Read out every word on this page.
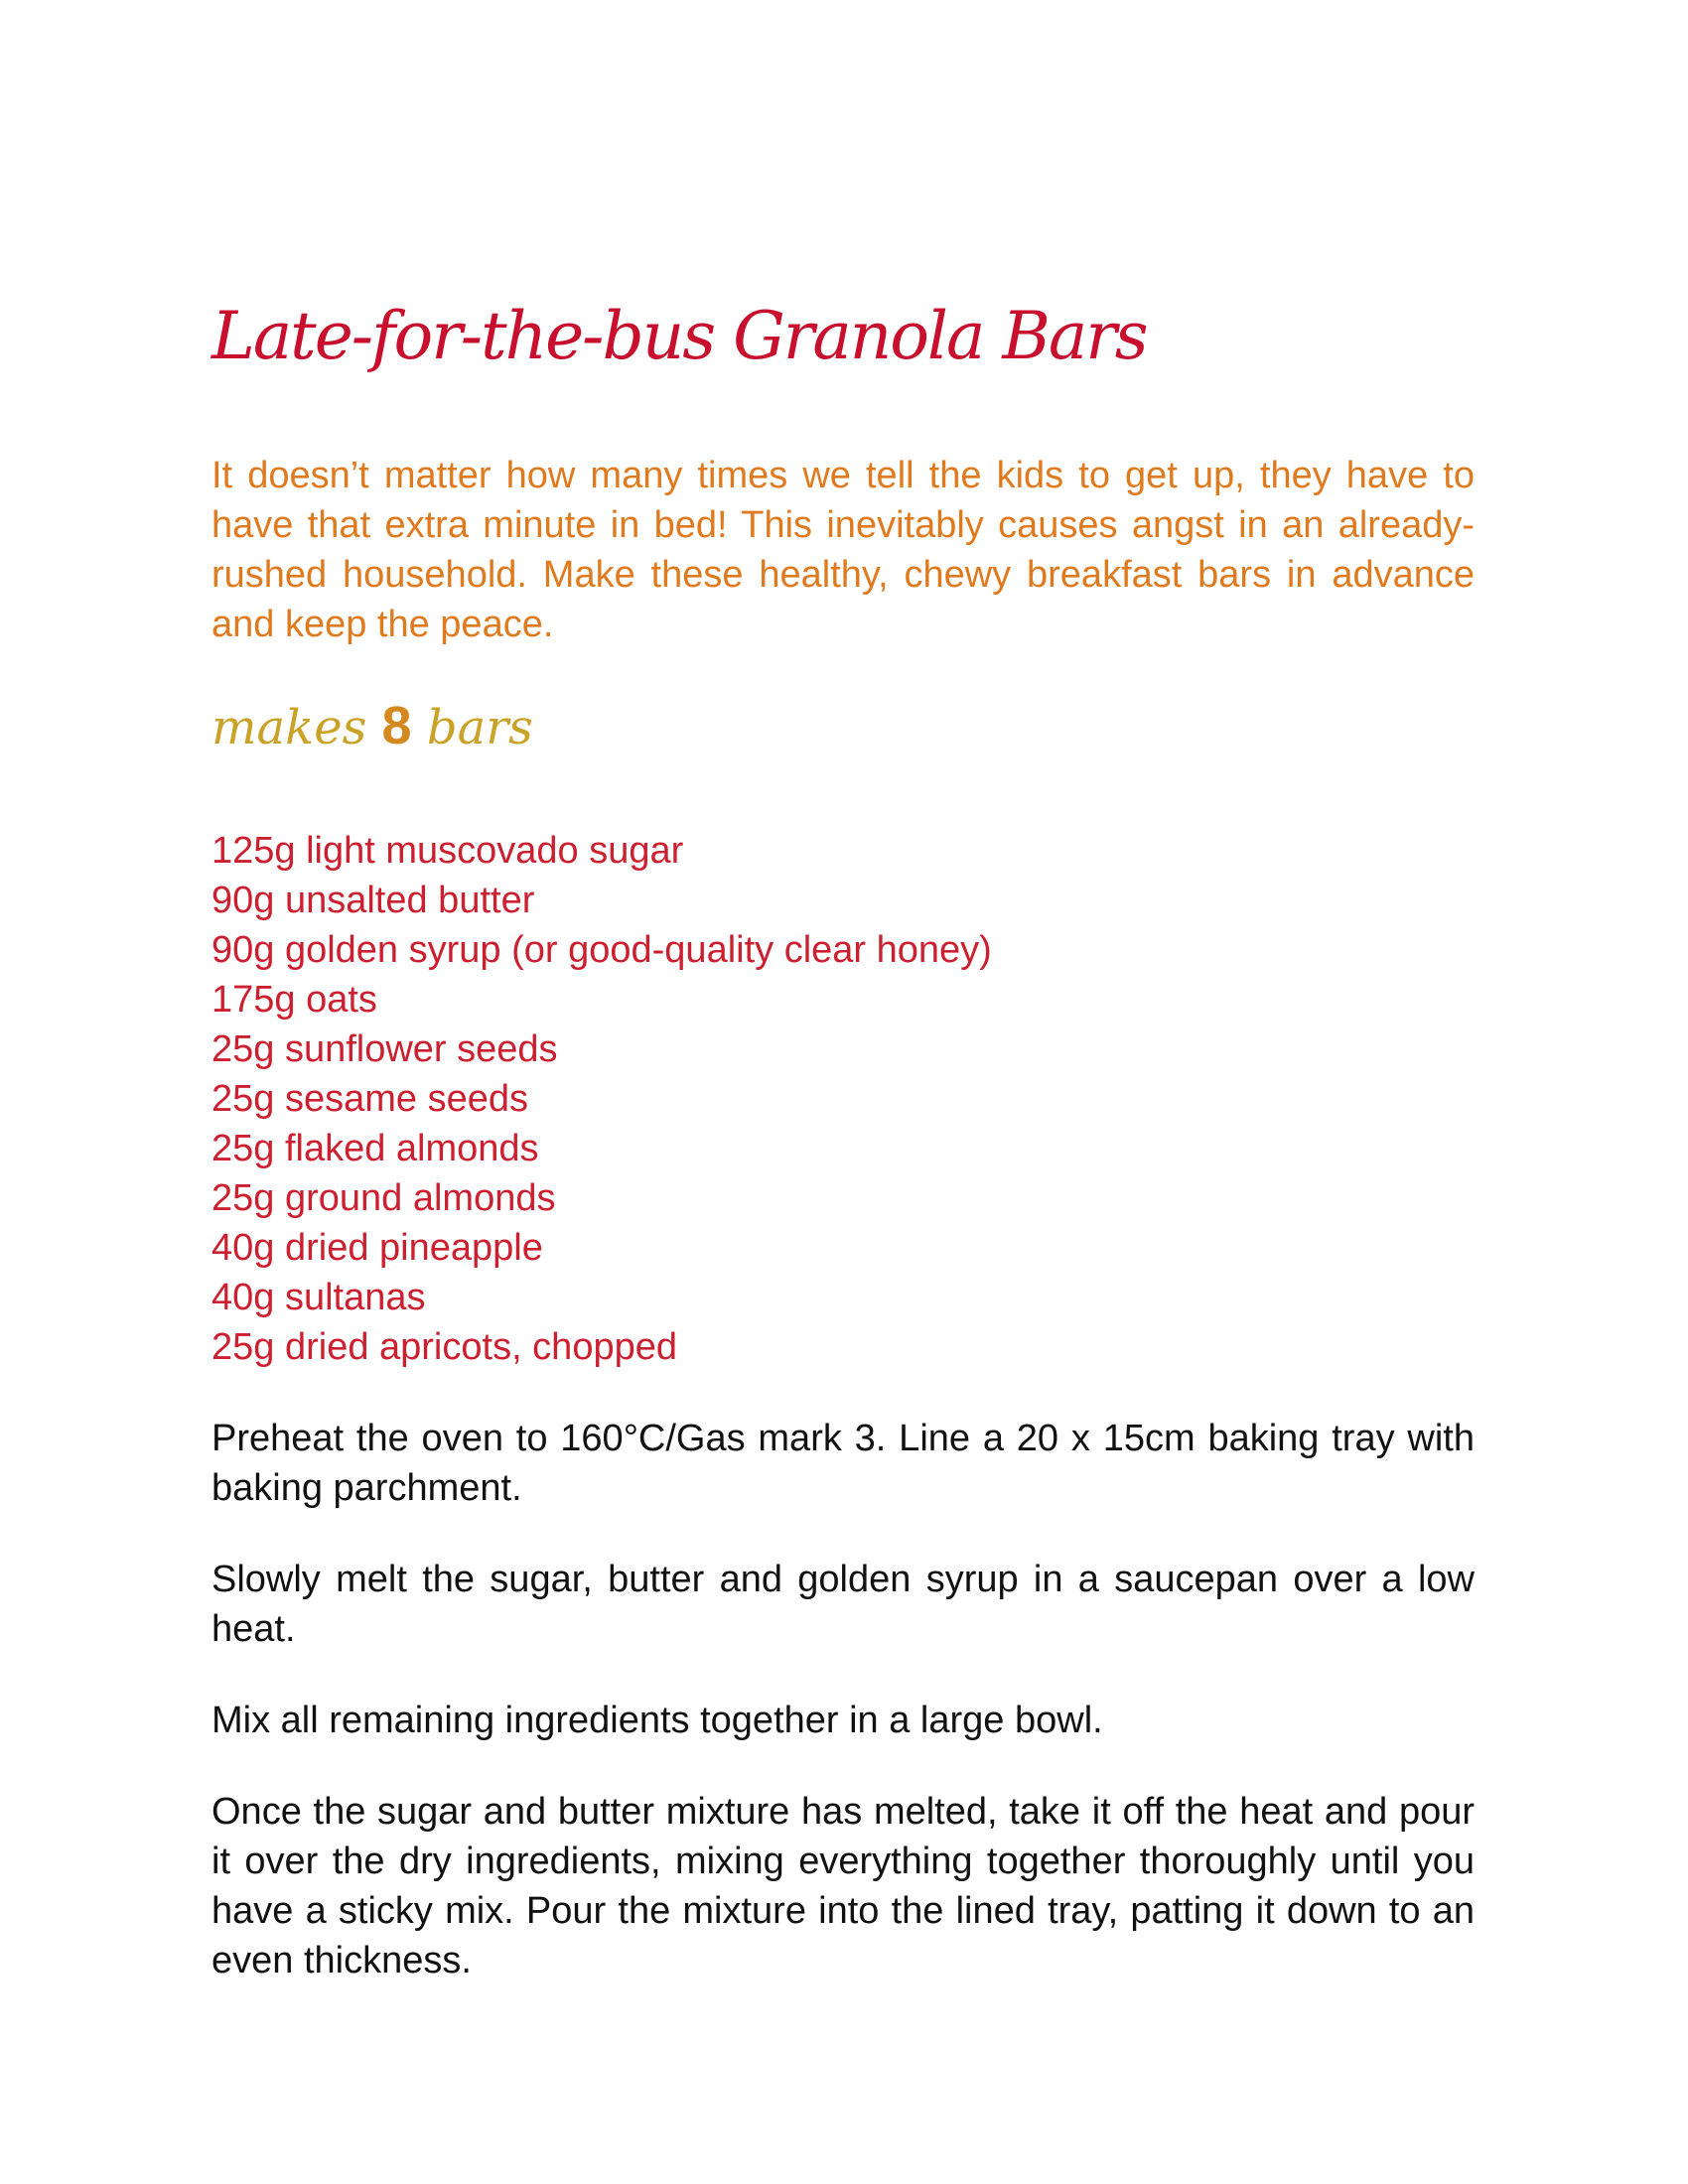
Late-for-the-bus Granola Bars

It doesn’t matter how many times we tell the kids to get up, they have to have that extra minute in bed! This inevitably causes angst in an already-rushed household. Make these healthy, chewy breakfast bars in advance and keep the peace.

makes 8 bars

125g light muscovado sugar
90g unsalted butter
90g golden syrup (or good-quality clear honey)
175g oats
25g sunflower seeds
25g sesame seeds
25g flaked almonds
25g ground almonds
40g dried pineapple
40g sultanas
25g dried apricots, chopped

Preheat the oven to 160°C/Gas mark 3. Line a 20 x 15cm baking tray with baking parchment.

Slowly melt the sugar, butter and golden syrup in a saucepan over a low heat.

Mix all remaining ingredients together in a large bowl.

Once the sugar and butter mixture has melted, take it off the heat and pour it over the dry ingredients, mixing everything together thoroughly until you have a sticky mix. Pour the mixture into the lined tray, patting it down to an even thickness.
